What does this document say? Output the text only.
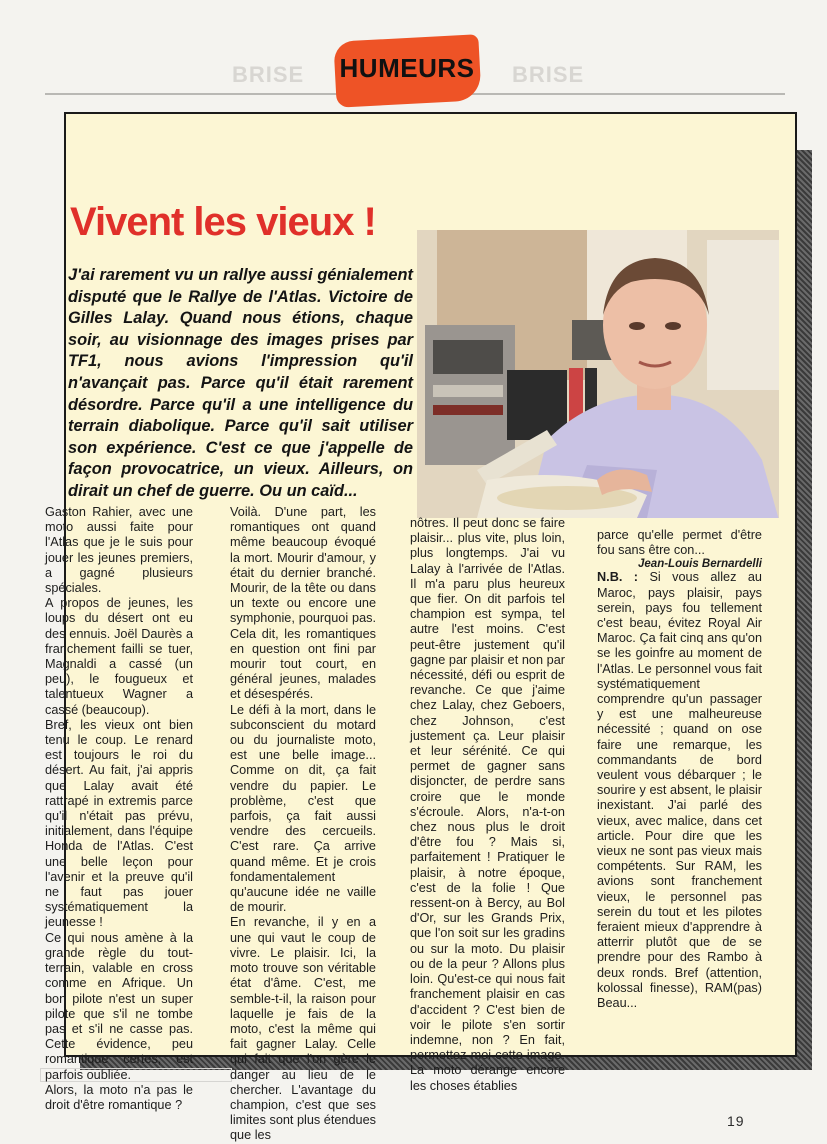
BRISE	BRISE
HUMEURS
Vivent les vieux !

J'ai rarement vu un rallye aussi génialement disputé que le Rallye de l'Atlas. Victoire de Gilles Lalay. Quand nous étions, chaque soir, au visionnage des images prises par TF1, nous avions l'impression qu'il n'avançait pas. Parce qu'il était rarement désordre. Parce qu'il a une intelligence du terrain diabolique. Parce qu'il sait utiliser son expérience. C'est ce que j'appelle de façon provocatrice, un vieux. Ailleurs, on dirait un chef de guerre. Ou un caïd...

Gaston Rahier, avec une moto aussi faite pour l'Atlas que je le suis pour jouer les jeunes premiers, a gagné plusieurs spéciales.

A propos de jeunes, les loups du désert ont eu des ennuis. Joël Daurès a franchement failli se tuer, Magnaldi a cassé (un peu), le fougueux et talentueux Wagner a cassé (beaucoup).

Bref, les vieux ont bien tenu le coup. Le renard est toujours le roi du désert. Au fait, j'ai appris que Lalay avait été rattrapé in extremis parce qu'il n'était pas prévu, initialement, dans l'équipe Honda de l'Atlas. C'est une belle leçon pour l'avenir et la preuve qu'il ne faut pas jouer systématiquement la jeunesse !

Ce qui nous amène à la grande règle du tout-terrain, valable en cross comme en Afrique. Un bon pilote n'est un super pilote que s'il ne tombe pas et s'il ne casse pas. Cette évidence, peu romantique certes, est parfois oubliée.

Alors, la moto n'a pas le droit d'être romantique ?

Voilà. D'une part, les romantiques ont quand même beaucoup évoqué la mort. Mourir d'amour, y était du dernier branché. Mourir, de la tête ou dans un texte ou encore une symphonie, pourquoi pas. Cela dit, les romantiques en question ont fini par mourir tout court, en général jeunes, malades et désespérés.

Le défi à la mort, dans le subconscient du motard ou du journaliste moto, est une belle image... Comme on dit, ça fait vendre du papier. Le problème, c'est que parfois, ça fait aussi vendre des cercueils. C'est rare. Ça arrive quand même. Et je crois fondamentalement qu'aucune idée ne vaille de mourir.

En revanche, il y en a une qui vaut le coup de vivre. Le plaisir. Ici, la moto trouve son véritable état d'âme. C'est, me semble-t-il, la raison pour laquelle je fais de la moto, c'est la même qui fait gagner Lalay. Celle qui fait que l'on gère le danger au lieu de le chercher. L'avantage du champion, c'est que ses limites sont plus étendues que les

nôtres. Il peut donc se faire plaisir... plus vite, plus loin, plus longtemps. J'ai vu Lalay à l'arrivée de l'Atlas. Il m'a paru plus heureux que fier. On dit parfois tel champion est sympa, tel autre l'est moins. C'est peut-être justement qu'il gagne par plaisir et non par nécessité, défi ou esprit de revanche. Ce que j'aime chez Lalay, chez Geboers, chez Johnson, c'est justement ça. Leur plaisir et leur sérénité. Ce qui permet de gagner sans disjoncter, de perdre sans croire que le monde s'écroule. Alors, n'a-t-on chez nous plus le droit d'être fou ? Mais si, parfaitement ! Pratiquer le plaisir, à notre époque, c'est de la folie ! Que ressent-on à Bercy, au Bol d'Or, sur les Grands Prix, que l'on soit sur les gradins ou sur la moto. Du plaisir ou de la peur ? Allons plus loin. Qu'est-ce qui nous fait franchement plaisir en cas d'accident ? C'est bien de voir le pilote s'en sortir indemne, non ? En fait, permettez-moi cette image. La moto dérange encore les choses établies

parce qu'elle permet d'être fou sans être con...

Jean-Louis Bernardelli

N.B. : Si vous allez au Maroc, pays plaisir, pays serein, pays fou tellement c'est beau, évitez Royal Air Maroc. Ça fait cinq ans qu'on se les goinfre au moment de l'Atlas. Le personnel vous fait systématiquement comprendre qu'un passager y est une malheureuse nécessité ; quand on ose faire une remarque, les commandants de bord veulent vous débarquer ; le sourire y est absent, le plaisir inexistant. J'ai parlé des vieux, avec malice, dans cet article. Pour dire que les vieux ne sont pas vieux mais compétents. Sur RAM, les avions sont franchement vieux, le personnel pas serein du tout et les pilotes feraient mieux d'apprendre à atterrir plutôt que de se prendre pour des Rambo à deux ronds. Bref (attention, kolossal finesse), RAM(pas) Beau...

19
